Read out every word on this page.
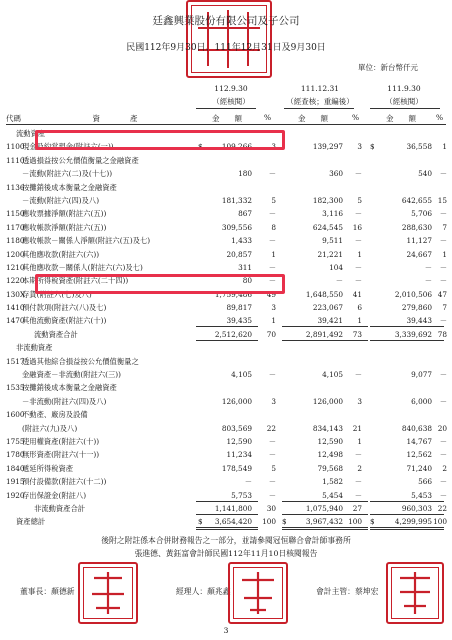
廷鑫興業股份有限公司及子公司
民國112年9月30日、111年12月31日及9月30日
單位：新台幣仟元
112.9.30
（經核閱）
111.12.31
（經查核；重編後）
111.9.30
（經核閱）
代碼	資　　　　產	金　　額	%	金　　額	%	金　　額	%
流動資產
1100
現金及約當現金(附註六(一))	$	109,266	3	139,297 3 $	36,558 1
1110
透過損益按公允價值衡量之金融資產
－流動(附註六(二)及(十七))	180 －	360 －	540 －
1136
按攤銷後成本衡量之金融資產
－流動(附註六(四)及八)	181,332	5	182,300 5	642,655 15
1150
應收票據淨額(附註六(五))	867 －	3,116 －	5,706 －
1170
應收帳款淨額(附註六(五))	309,556	8	624,545 16	288,630 7
1180
應收帳款－關係人淨額(附註六(五)及七)	1,433 －	9,511 －	11,127 －
1200
其他應收款(附註六(六))	20,857	1	21,221 1	24,667 1
1210
其他應收款－關係人(附註六(六)及七)	311 －	104 －	－ －
1220
本期所得稅資產(附註六(二十四))	80 －	－ －	－ －
130X
存貨(附註六(七)及八)	1,759,486 49	1,648,550 41	2,010,506 47
1410
預付款項(附註六(八)及七)	89,817	3	223,067 6	279,860 7
1470
其他流動資產(附註六(十))	39,435	1	39,421 1	39,443 －
流動資產合計	2,512,620 70	2,891,492 73	3,339,692 78
非流動資產
1517
透過其他綜合損益按公允價值衡量之
金融資產－非流動(附註六(三))	4,105 －	4,105 －	9,077 －
1535
按攤銷後成本衡量之金融資產
－非流動(附註六(四)及八)	126,000	3	126,000 3	6,000 －
1600
不動產、廠房及設備
(附註六(九)及八)	803,569 22	834,143 21	840,638 20
1755
使用權資產(附註六(十))	12,590 －	12,590 1	14,767 －
1780
無形資產(附註六(十一))	11,234 －	12,498 －	12,562 －
1840
遞延所得稅資產	178,549	5	79,568 2	71,240 2
1915
預付設備款(附註六(十二))	－ －	1,582 －	566 －
1920
存出保證金(附註八)	5,753 －	5,454 －	5,453 －
非流動資產合計	1,141,800 30	1,075,940 27	960,303 22
資產總計	$ 3,654,420 100 $	3,967,432 100 $	4,299,995 100
後附之附註係本合併財務報告之一部分，並請參閱冠恒聯合會計師事務所
張進德、黃鈺富會計師民國112年11月10日核閱報告
董事長：顏德新	經理人：顏兆鑫	會計主管：蔡坤宏
3
